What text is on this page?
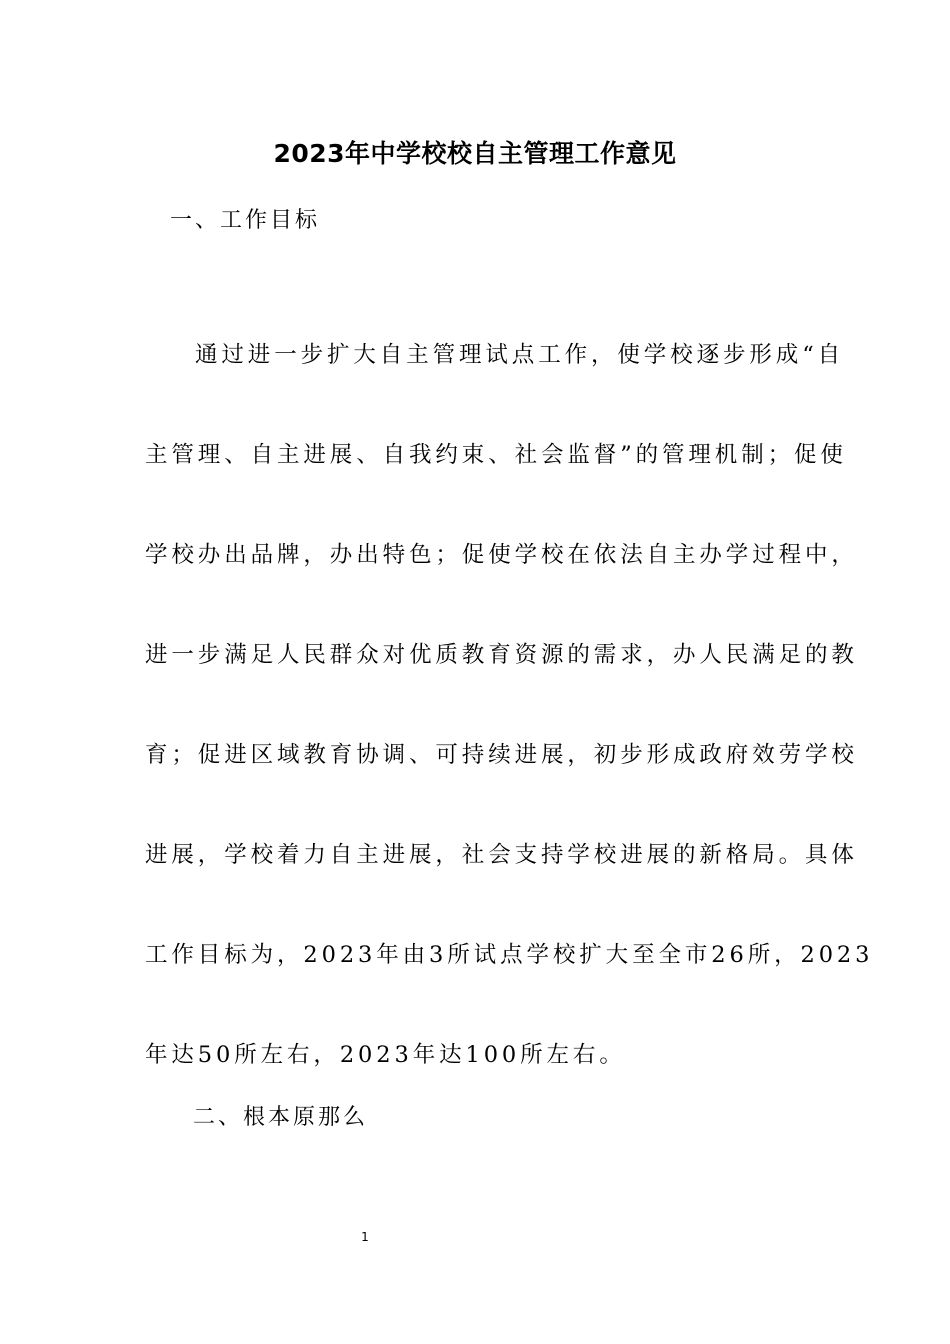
2023年中学校校自主管理工作意见
一、工作目标
通过进一步扩大自主管理试点工作，使学校逐步形成“自
主管理、自主进展、自我约束、社会监督”的管理机制；促使
学校办出品牌，办出特色；促使学校在依法自主办学过程中，
进一步满足人民群众对优质教育资源的需求，办人民满足的教
育；促进区域教育协调、可持续进展，初步形成政府效劳学校
进展，学校着力自主进展，社会支持学校进展的新格局。具体
工作目标为，2023年由3所试点学校扩大至全市26所，2023
年达50所左右，2023年达100所左右。
二、根本原那么
1
